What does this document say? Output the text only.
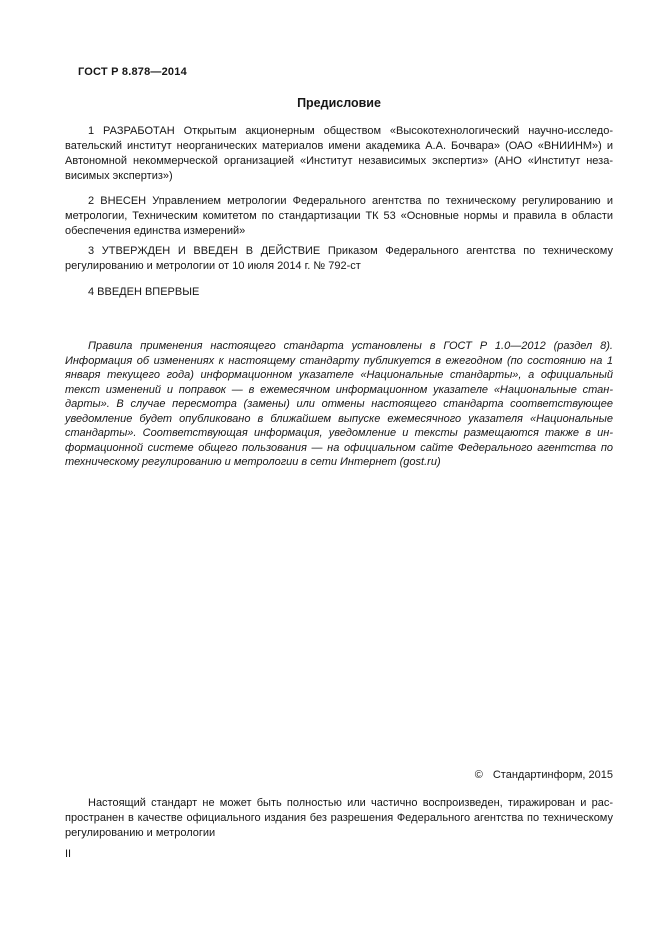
ГОСТ Р 8.878—2014
Предисловие

1 РАЗРАБОТАН Открытым акционерным обществом «Высокотехнологический научно-исследовательский институт неорганических материалов имени академика А.А. Бочвара» (ОАО «ВНИИНМ») и Автономной некоммерческой организацией «Институт независимых экспертиз» (АНО «Институт независимых экспертиз»)

2 ВНЕСЕН Управлением метрологии Федерального агентства по техническому регулированию и метрологии, Техническим комитетом по стандартизации ТК 53 «Основные нормы и правила в области обеспечения единства измерений»

3 УТВЕРЖДЕН И ВВЕДЕН В ДЕЙСТВИЕ Приказом Федерального агентства по техническому регулированию и метрологии от 10 июля 2014 г. № 792-ст

4 ВВЕДЕН ВПЕРВЫЕ

Правила применения настоящего стандарта установлены в ГОСТ Р 1.0—2012 (раздел 8). Информация об изменениях к настоящему стандарту публикуется в ежегодном (по состоянию на 1 января текущего года) информационном указателе «Национальные стандарты», а официальный текст изменений и поправок — в ежемесячном информационном указателе «Национальные стандарты». В случае пересмотра (замены) или отмены настоящего стандарта соответствующее уведомление будет опубликовано в ближайшем выпуске ежемесячного указателя «Национальные стандарты». Соответствующая информация, уведомление и тексты размещаются также в информационной системе общего пользования — на официальном сайте Федерального агентства по техническому регулированию и метрологии в сети Интернет (gost.ru)

© Стандартинформ, 2015

Настоящий стандарт не может быть полностью или частично воспроизведен, тиражирован и распространен в качестве официального издания без разрешения Федерального агентства по техническому регулированию и метрологии

II
